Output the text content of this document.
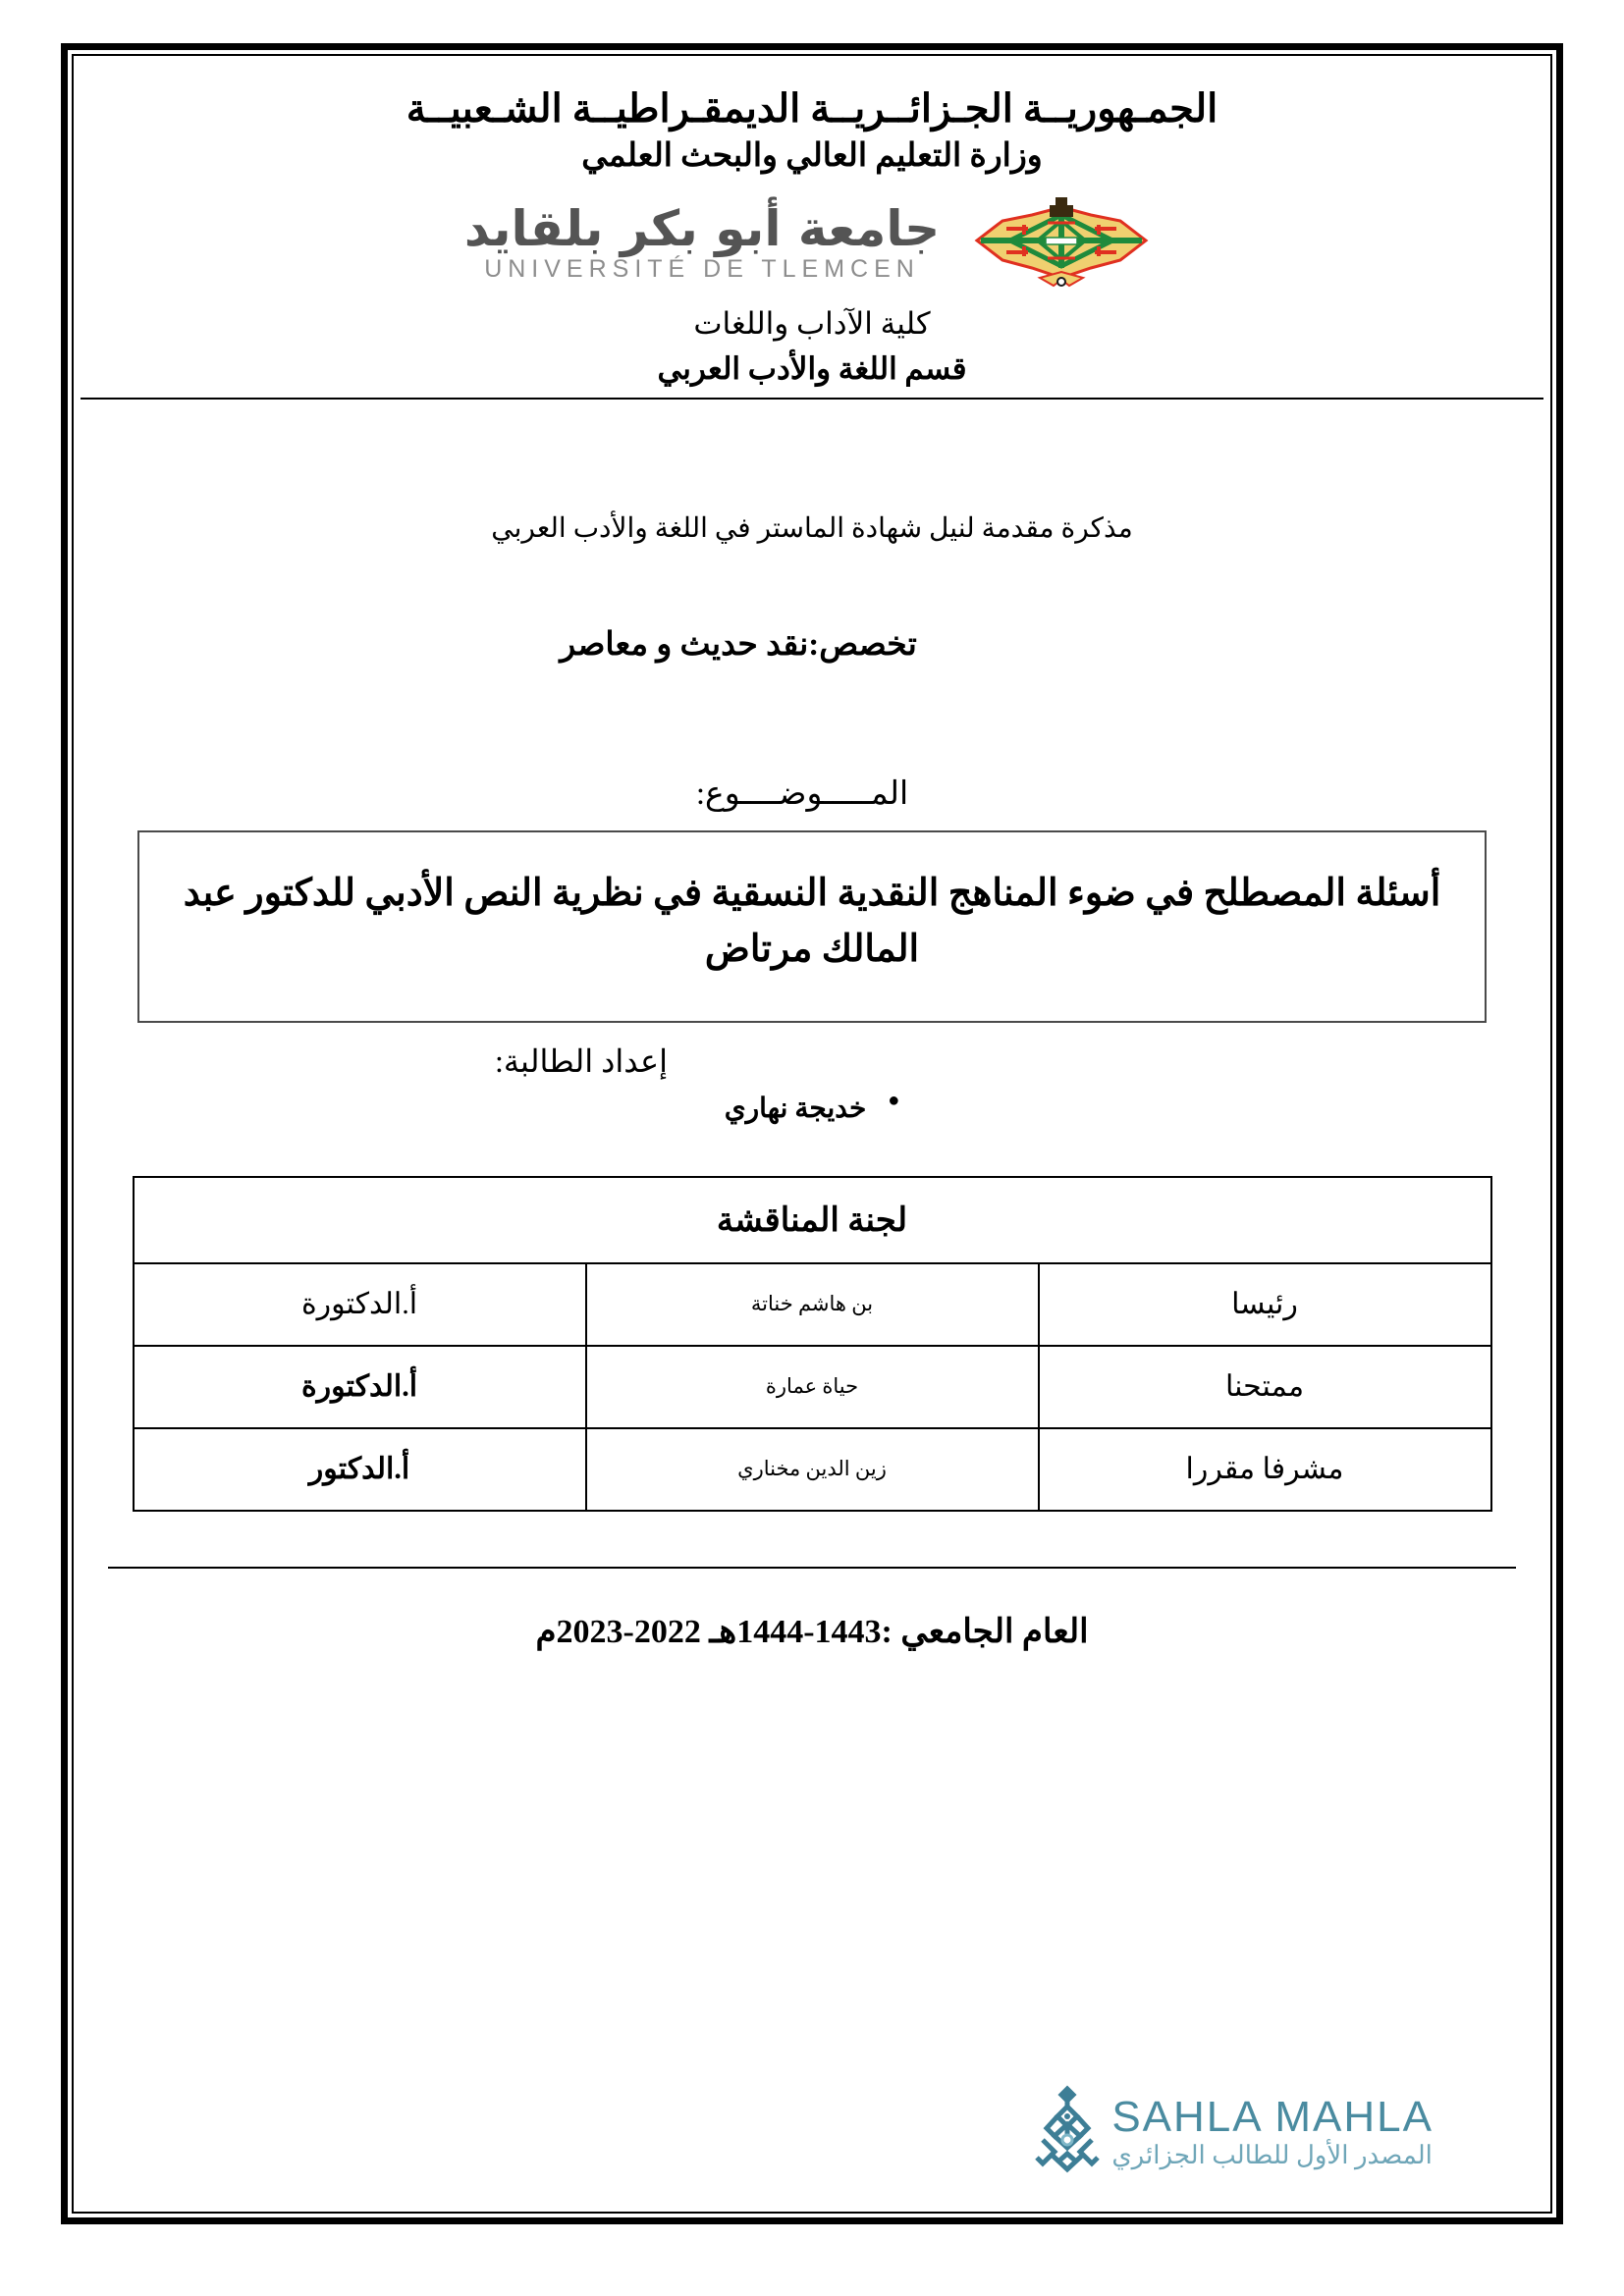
الجمـهوريــة الجـزائــريــة الديمقـراطيــة الشـعبيــة
وزارة التعليم العالي والبحث العلمي
جامعة أبو بكر بلقايد
UNIVERSITÉ DE TLEMCEN
كلية الآداب واللغات
قسم اللغة والأدب العربي
مذكرة مقدمة لنيل شهادة الماستر في اللغة والأدب العربي
تخصص:نقد حديث و معاصر
المـــــوضــــوع:
أسئلة المصطلح في ضوء المناهج النقدية النسقية في نظرية النص الأدبي للدكتور عبد المالك مرتاض
إعداد الطالبة:
● خديجة نهاري
لجنة المناقشة		
رئيسا	بن هاشم خناتة	أ.الدكتورة
ممتحنا	حياة عمارة	أ.الدكتورة
مشرفا مقررا	زين الدين مخناري	أ.الدكتور
العام الجامعي :1443-1444هـ 2022-2023م
SAHLA MAHLA
المصدر الأول للطالب الجزائري
